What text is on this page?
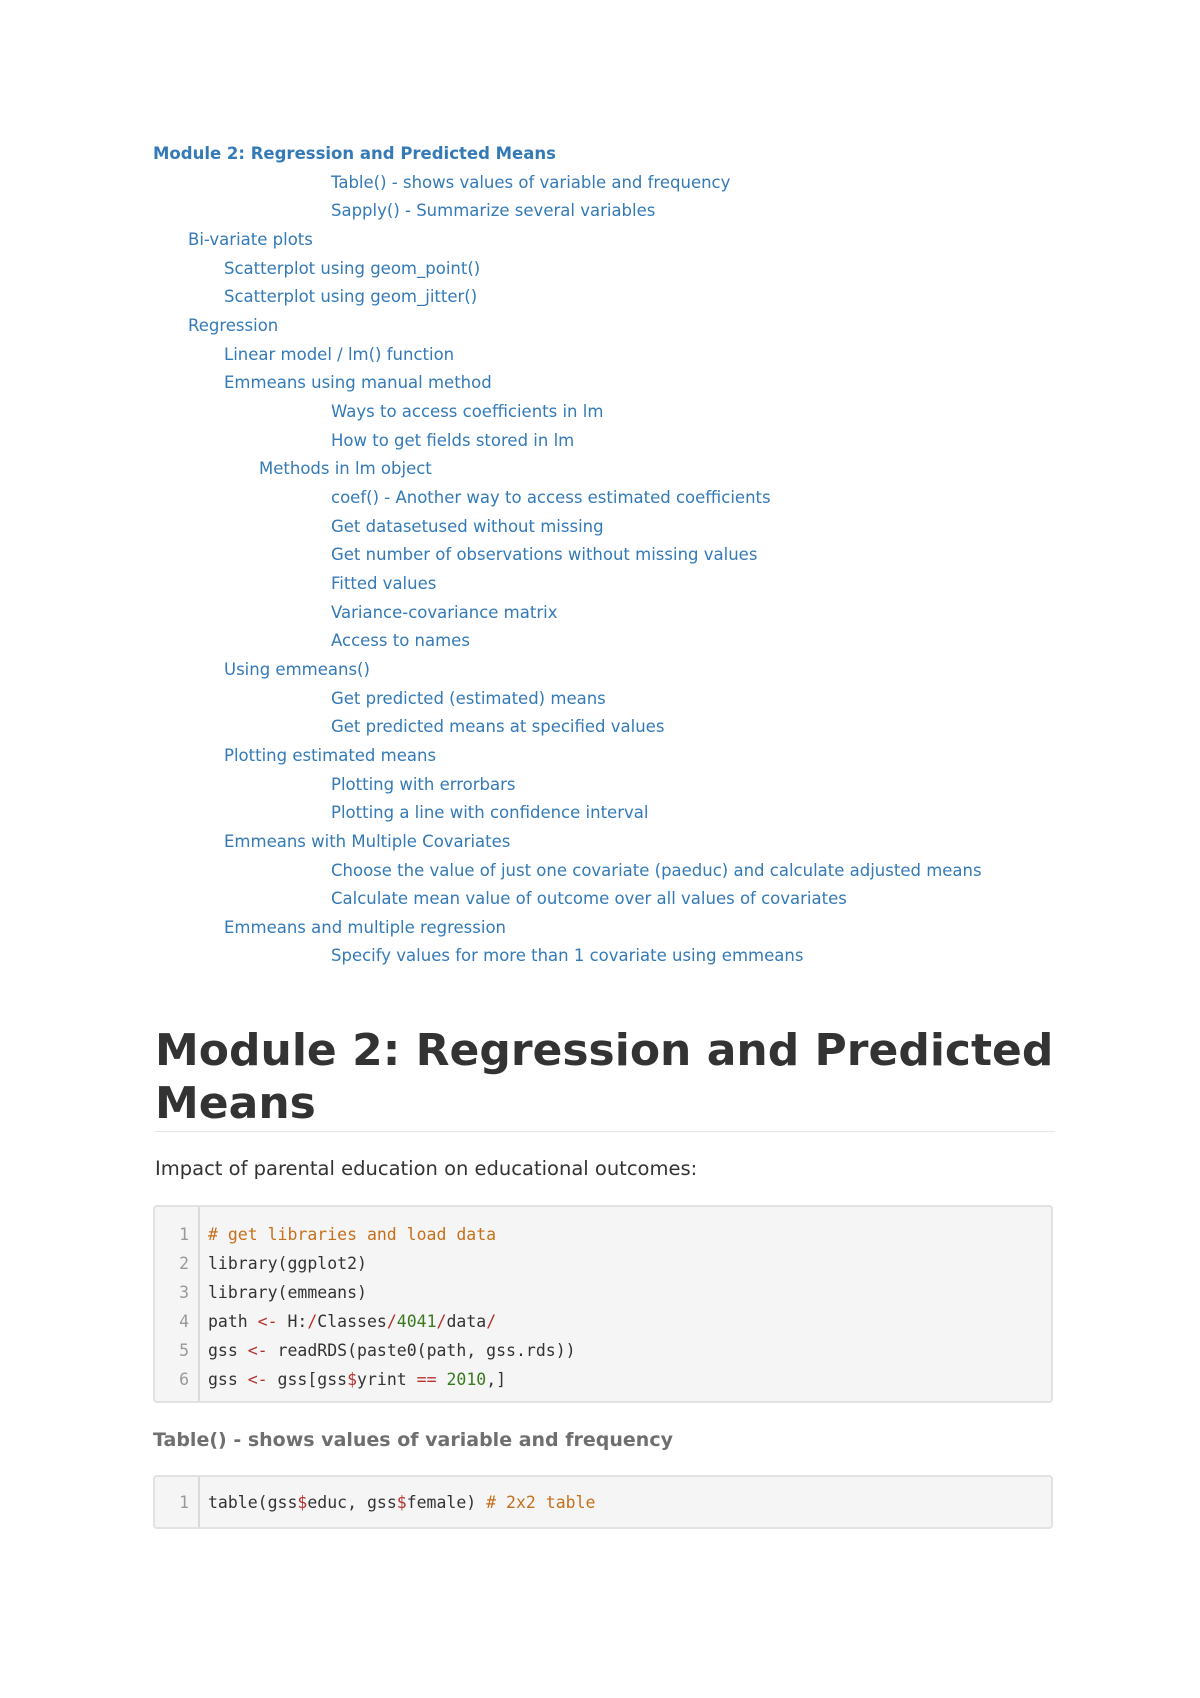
Module 2: Regression and Predicted Means
Table() - shows values of variable and frequency
Sapply() - Summarize several variables
Bi-variate plots
Scatterplot using geom_point()
Scatterplot using geom_jitter()
Regression
Linear model / lm() function
Emmeans using manual method
Ways to access coefficients in lm
How to get fields stored in lm
Methods in lm object
coef() - Another way to access estimated coefficients
Get datasetused without missing
Get number of observations without missing values
Fitted values
Variance-covariance matrix
Access to names
Using emmeans()
Get predicted (estimated) means
Get predicted means at specified values
Plotting estimated means
Plotting with errorbars
Plotting a line with confidence interval
Emmeans with Multiple Covariates
Choose the value of just one covariate (paeduc) and calculate adjusted means
Calculate mean value of outcome over all values of covariates
Emmeans and multiple regression
Specify values for more than 1 covariate using emmeans
Module 2: Regression and Predicted Means

Impact of parental education on educational outcomes:

1 # get libraries and load data
2 library(ggplot2)
3 library(emmeans)
4 path <- H:/Classes/4041/data/
5 gss <- readRDS(paste0(path, gss.rds))
6 gss <- gss[gss$yrint == 2010,]
Table() - shows values of variable and frequency
1 table(gss$educ, gss$female) # 2x2 table
